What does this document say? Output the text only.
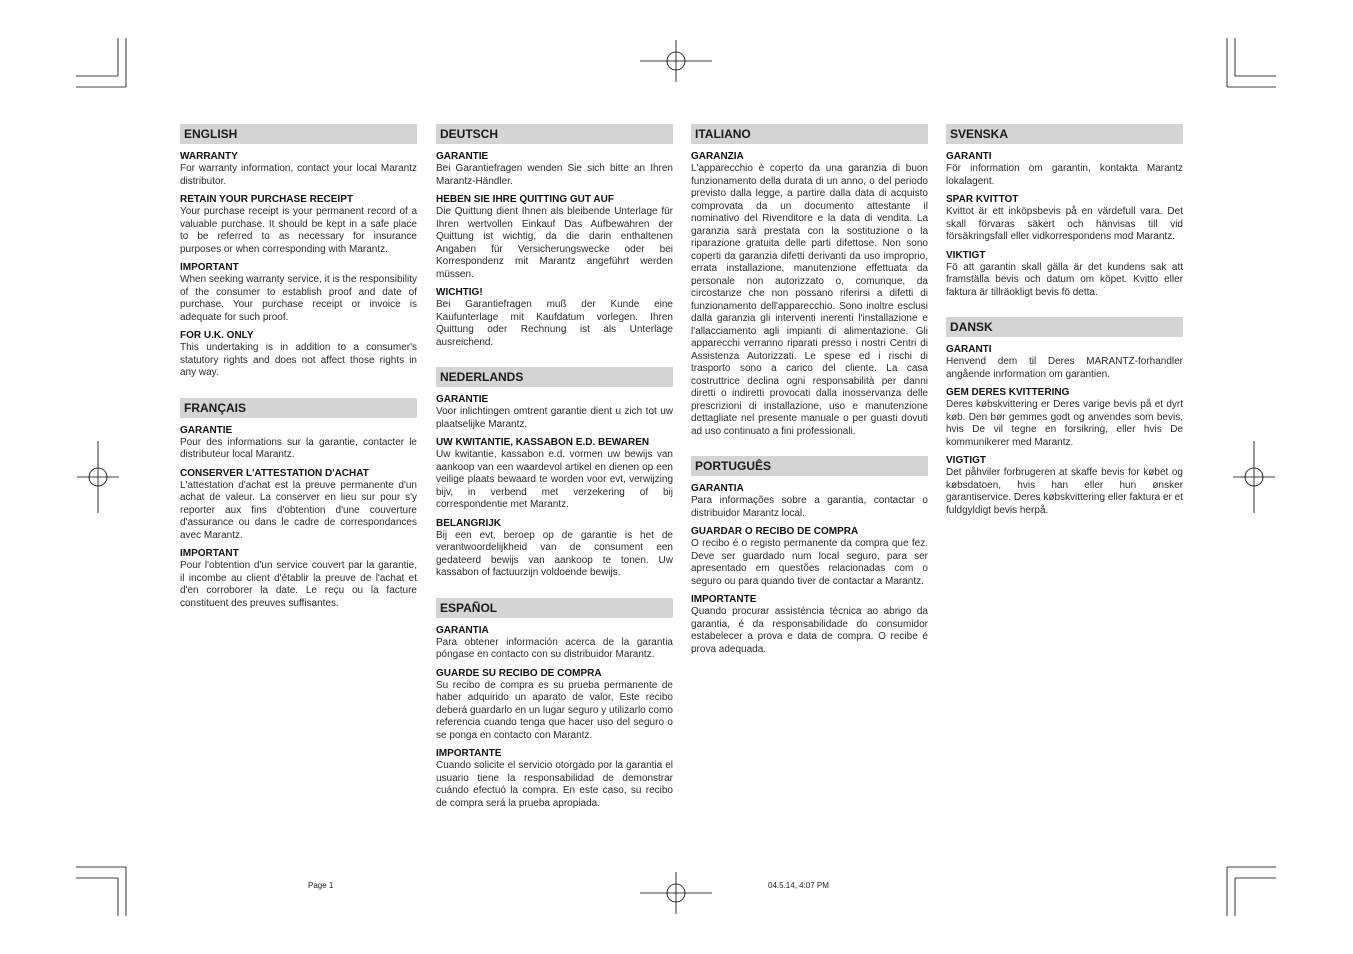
ENGLISH
WARRANTY
For warranty information, contact your local Marantz distributor.
RETAIN YOUR PURCHASE RECEIPT
Your purchase receipt is your permanent record of a valuable purchase. It should be kept in a safe place to be referred to as necessary for insurance purposes or when corresponding with Marantz.
IMPORTANT
When seeking warranty service, it is the responsibility of the consumer to establish proof and date of purchase. Your purchase receipt or invoice is adequate for such proof.
FOR U.K. ONLY
This undertaking is in addition to a consumer's statutory rights and does not affect those rights in any way.
FRANÇAIS
GARANTIE
Pour des informations sur la garantie, contacter le distributeur local Marantz.
CONSERVER L'ATTESTATION D'ACHAT
L'attestation d'achat est la preuve permanente d'un achat de valeur. La conserver en lieu sur pour s'y reporter aux fins d'obtention d'une couverture d'assurance ou dans le cadre de correspondances avec Marantz.
IMPORTANT
Pour l'obtention d'un service couvert par la garantie, il incombe au client d'établir la preuve de l'achat et d'en corroborer la date. Le reçu ou la facture constituent des preuves suffisantes.
DEUTSCH
GARANTIE
Bei Garantiefragen wenden Sie sich bitte an Ihren Marantz-Händler.
HEBEN SIE IHRE QUITTING GUT AUF
Die Quittung dient Ihnen als bleibende Unterlage für Ihren wertvollen Einkauf Das Aufbewahren der Quittung ist wichtig, da die darin enthaltenen Angaben für Versicherungswecke oder bei Korrespondenz mit Marantz angeführt werden müssen.
WICHTIG!
Bei Garantiefragen muß der Kunde eine Kaufunterlage mit Kaufdatum vorlegen. Ihren Quittung oder Rechnung ist als Unterlage ausreichend.
NEDERLANDS
GARANTIE
Voor inlichtingen omtrent garantie dient u zich tot uw plaatselijke Marantz.
UW KWITANTIE, KASSABON E.D. BEWAREN
Uw kwitantie, kassabon e.d. vormen uw bewijs van aankoop van een waardevol artikel en dienen op een veilige plaats bewaard te worden voor evt, verwijzing bijv, in verbend met verzekering of bij correspondentie met Marantz.
BELANGRIJK
Bij een evt, beroep op de garantie is het de verantwoordelijkheid van de consument een gedateerd bewijs van aankoop te tonen. Uw kassabon of factuurzijn voldoende bewijs.
ESPAÑOL
GARANTIA
Para obtener información acerca de la garantia póngase en contacto con su distribuidor Marantz.
GUARDE SU RECIBO DE COMPRA
Su recibo de compra es su prueba permanente de haber adquirido un aparato de valor, Este recibo deberá guardarlo en un lugar seguro y utilizarlo como referencia cuando tenga que hacer uso del seguro o se ponga en contacto con Marantz.
IMPORTANTE
Cuando solicite el servicio otorgado por la garantia el usuario tiene la responsabilidad de demonstrar cuándo efectuó la compra. En este caso, su recibo de compra será la prueba apropiada.
ITALIANO
GARANZIA
L'apparecchio è coperto da una garanzia di buon funzionamento della durata di un anno, o del periodo previsto dalla legge, a partire dalla data di acquisto comprovata da un documento attestante il nominativo del Rivenditore e la data di vendita. La garanzia sarà prestata con la sostituzione o la riparazione gratuita delle parti difettose. Non sono coperti da garanzia difetti derivanti da uso improprio, errata installazione, manutenzione effettuata da personale non autorizzato o, comunque, da circostanze che non possano riferirsi a difetti di funzionamento dell'apparecchio. Sono inoltre esclusi dalla garanzia gli interventi inerenti l'installazione e l'allacciamento agli impianti di alimentazione. Gli apparecchi verranno riparati presso i nostri Centri di Assistenza Autorizzati. Le spese ed i rischi di trasporto sono a carico del cliente. La casa costruttrice declina ogni responsabilità per danni diretti o indiretti provocati dalla inosservanza delle prescrizioni di installazione, uso e manutenzione dettagliate nel presente manuale o per guasti dovuti ad uso continuato a fini professionali.
PORTUGUÊS
GARANTIA
Para informações sobre a garantia, contactar o distribuidor Marantz local.
GUARDAR O RECIBO DE COMPRA
O recibo é o registo permanente da compra que fez. Deve ser guardado num local seguro, para ser apresentado em questões relacionadas com o seguro ou para quando tiver de contactar a Marantz.
IMPORTANTE
Quando procurar assisténcia técnica ao abrigo da garantia, é da responsabilidade do consumidor estabelecer a prova e data de compra. O recibe é prova adequada.
SVENSKA
GARANTI
För information om garantin, kontakta Marantz lokalagent.
SPAR KVITTOT
Kvittot är ett inköpsbevis på en värdefull vara. Det skall förvaras säkert och hänvisas till vid försäkringsfall eller vidkorrespondens mod Marantz.
VIKTIGT
Fö att garantin skall gälla är det kundens sak att framställa bevis och datum om köpet. Kvitto eller faktura är tillräokligt bevis fö detta.
DANSK
GARANTI
Henvend dem til Deres MARANTZ-forhandler angående inrformation om garantien.
GEM DERES KVITTERING
Deres købskvittering er Deres varige bevis på et dyrt køb. Den bør gemmes godt og anvendes som bevis, hvis De vil tegne en forsikring, eller hvis De kommunikerer med Marantz.
VIGTIGT
Det påhviler forbrugeren at skaffe bevis for købet og købsdatoen, hvis han eller hun ønsker garantiservice. Deres købskvittering eller faktura er et fuldgyldigt bevis herpå.
Page 1	04.5.14, 4:07 PM
